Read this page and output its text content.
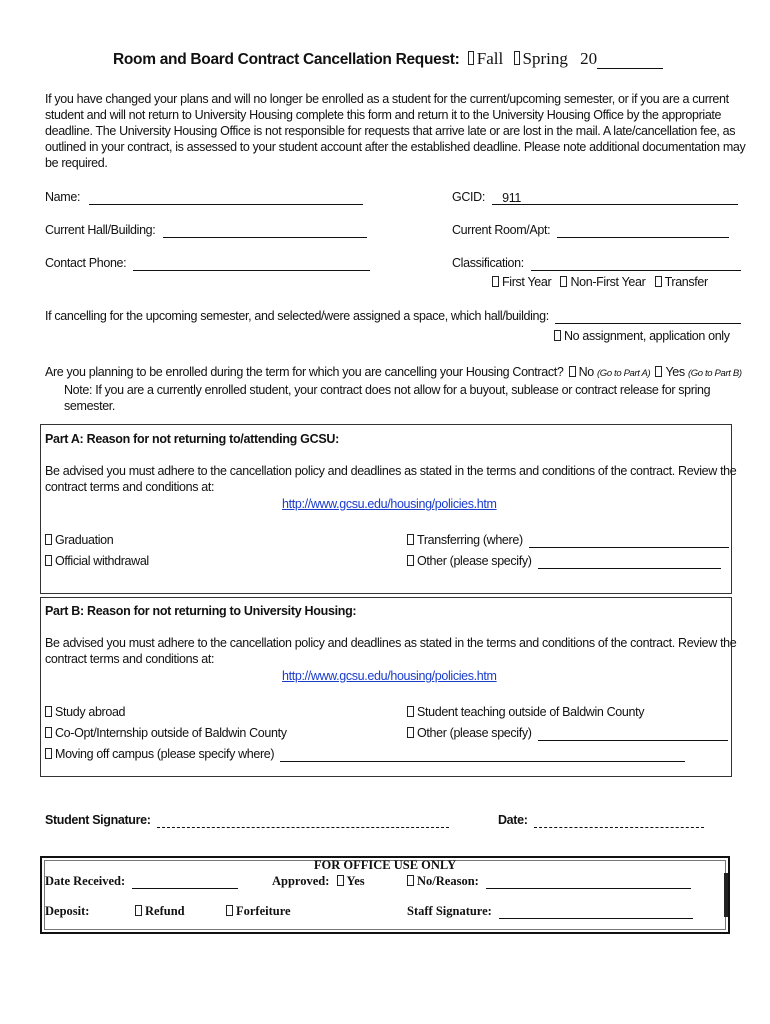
Room and Board Contract Cancellation Request: Fall Spring 20
If you have changed your plans and will no longer be enrolled as a student for the current/upcoming semester, or if you are a current
student and will not return to University Housing complete this form and return it to the University Housing Office by the appropriate
deadline. The University Housing Office is not responsible for requests that arrive late or are lost in the mail. A late/cancellation fee, as
outlined in your contract, is assessed to your student account after the established deadline. Please note additional documentation may
be required.
Name:	GCID: 911
Current Hall/Building:	Current Room/Apt:
Contact Phone:	Classification:
First Year Non-First Year Transfer
If cancelling for the upcoming semester, and selected/were assigned a space, which hall/building:
No assignment, application only
Are you planning to be enrolled during the term for which you are cancelling your Housing Contract? No (Go to Part A) Yes (Go to Part B)
Note: If you are a currently enrolled student, your contract does not allow for a buyout, sublease or contract release for spring
semester.
Part A: Reason for not returning to/attending GCSU:
Be advised you must adhere to the cancellation policy and deadlines as stated in the terms and conditions of the contract. Review the
contract terms and conditions at:
http://www.gcsu.edu/housing/policies.htm
Graduation
Official withdrawal
Transferring (where)
Other (please specify)
Part B: Reason for not returning to University Housing:
Be advised you must adhere to the cancellation policy and deadlines as stated in the terms and conditions of the contract. Review the
contract terms and conditions at:
http://www.gcsu.edu/housing/policies.htm
Study abroad
Co-Opt/Internship outside of Baldwin County
Moving off campus (please specify where)
Student teaching outside of Baldwin County
Other (please specify)
Student Signature:	Date:
FOR OFFICE USE ONLY
Date Received:	Approved: Yes	No/Reason:
Deposit:	Refund	Forfeiture	Staff Signature:
